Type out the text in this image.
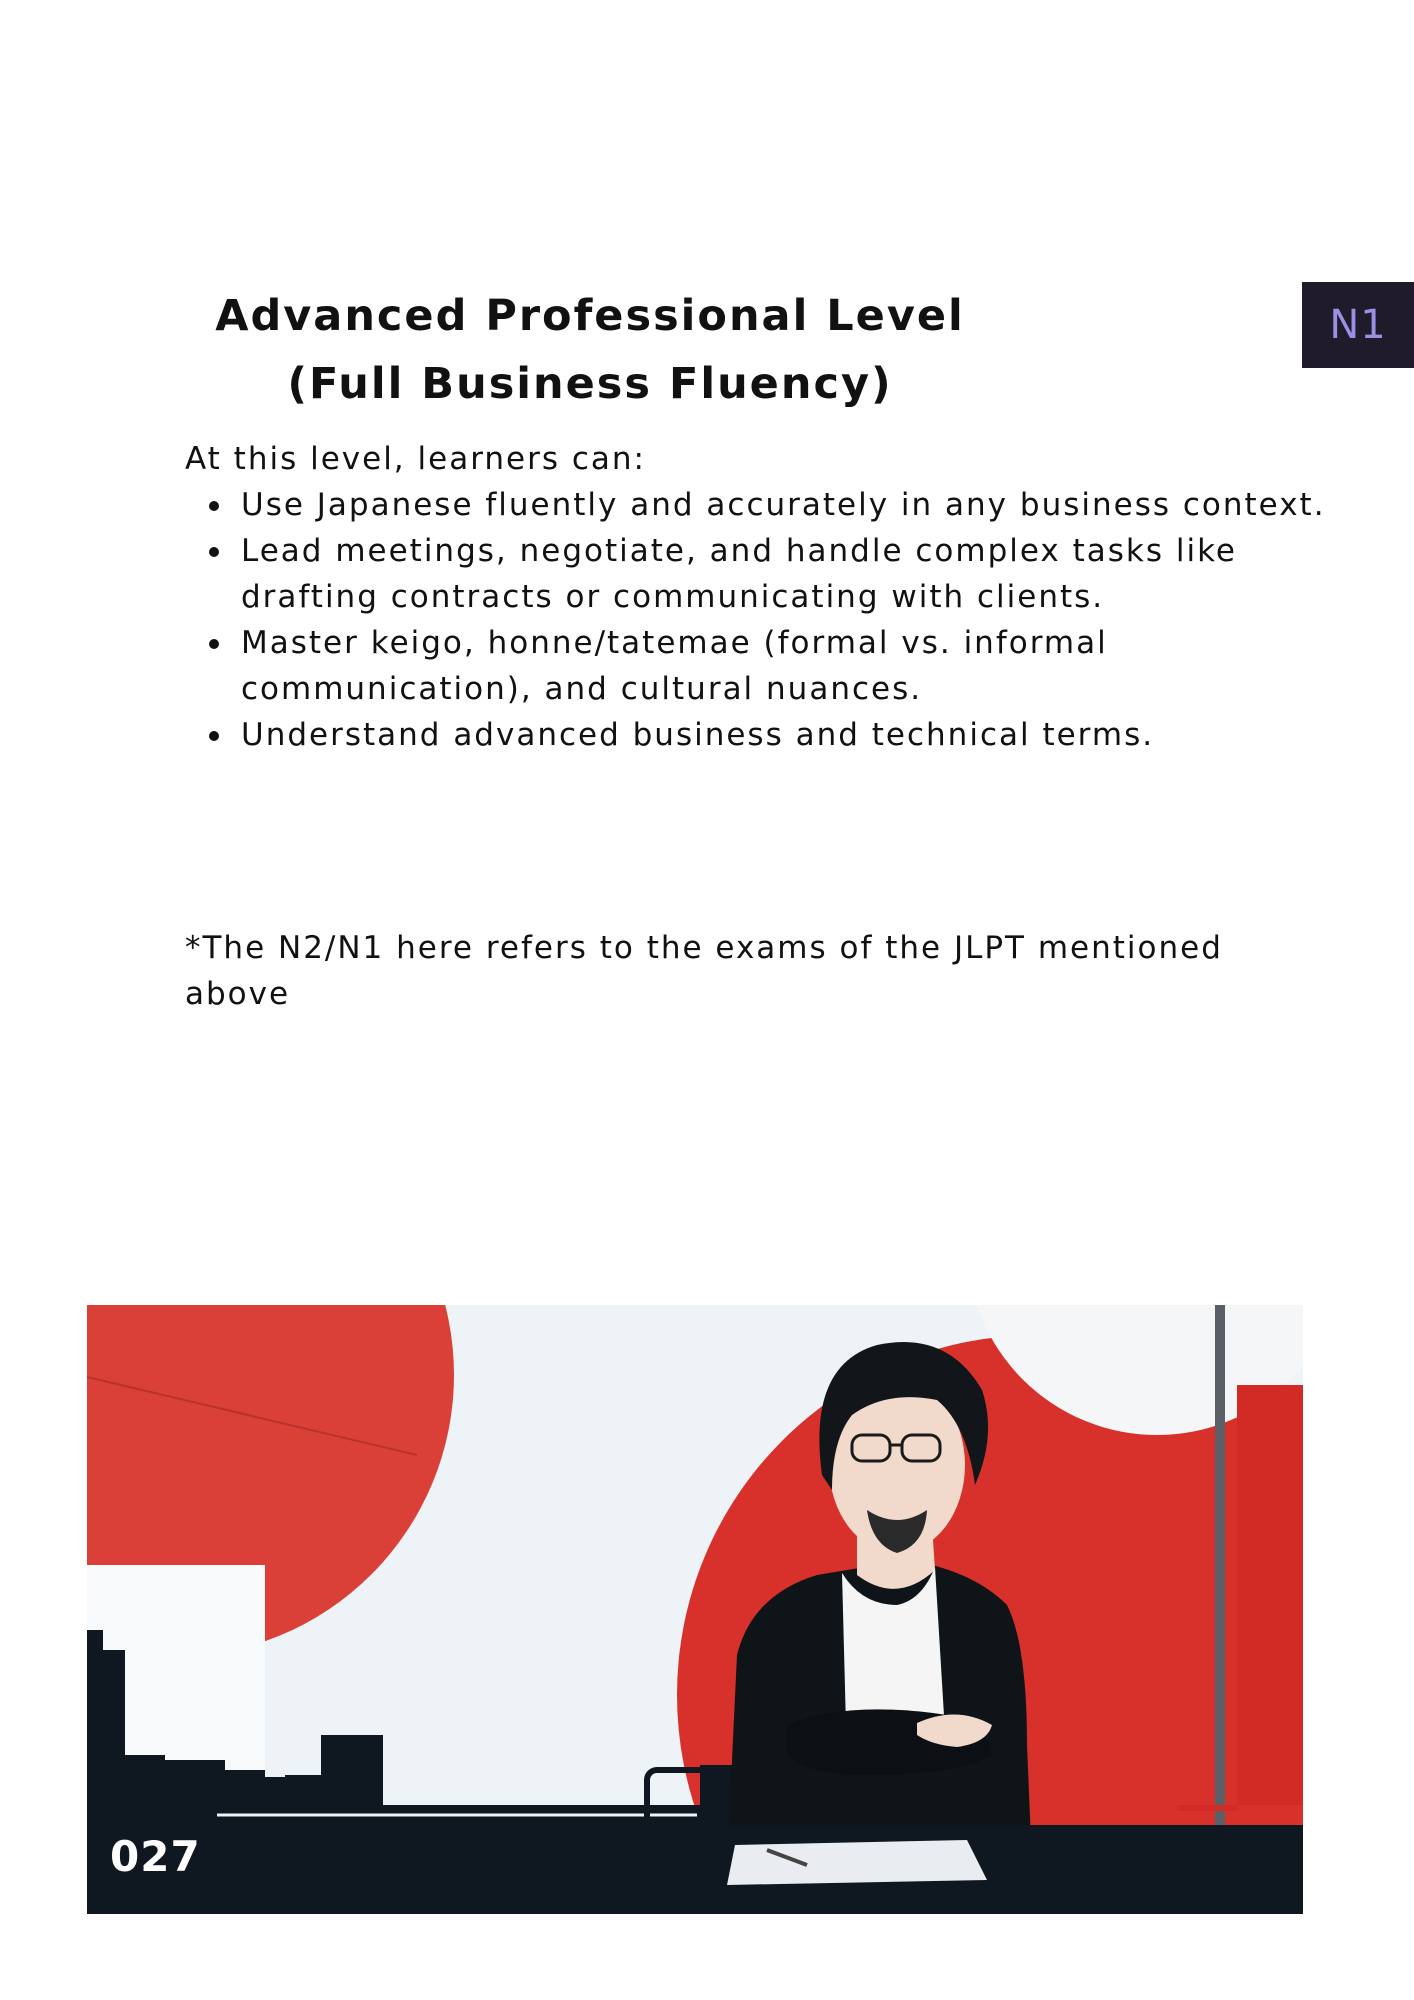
N1
Advanced Professional Level
(Full Business Fluency)

At this level, learners can:

Use Japanese fluently and accurately in any business context.
Lead meetings, negotiate, and handle complex tasks like drafting contracts or communicating with clients.
Master keigo, honne/tatemae (formal vs. informal communication), and cultural nuances.
Understand advanced business and technical terms.

*The N2/N1 here refers to the exams of the JLPT mentioned above

027
